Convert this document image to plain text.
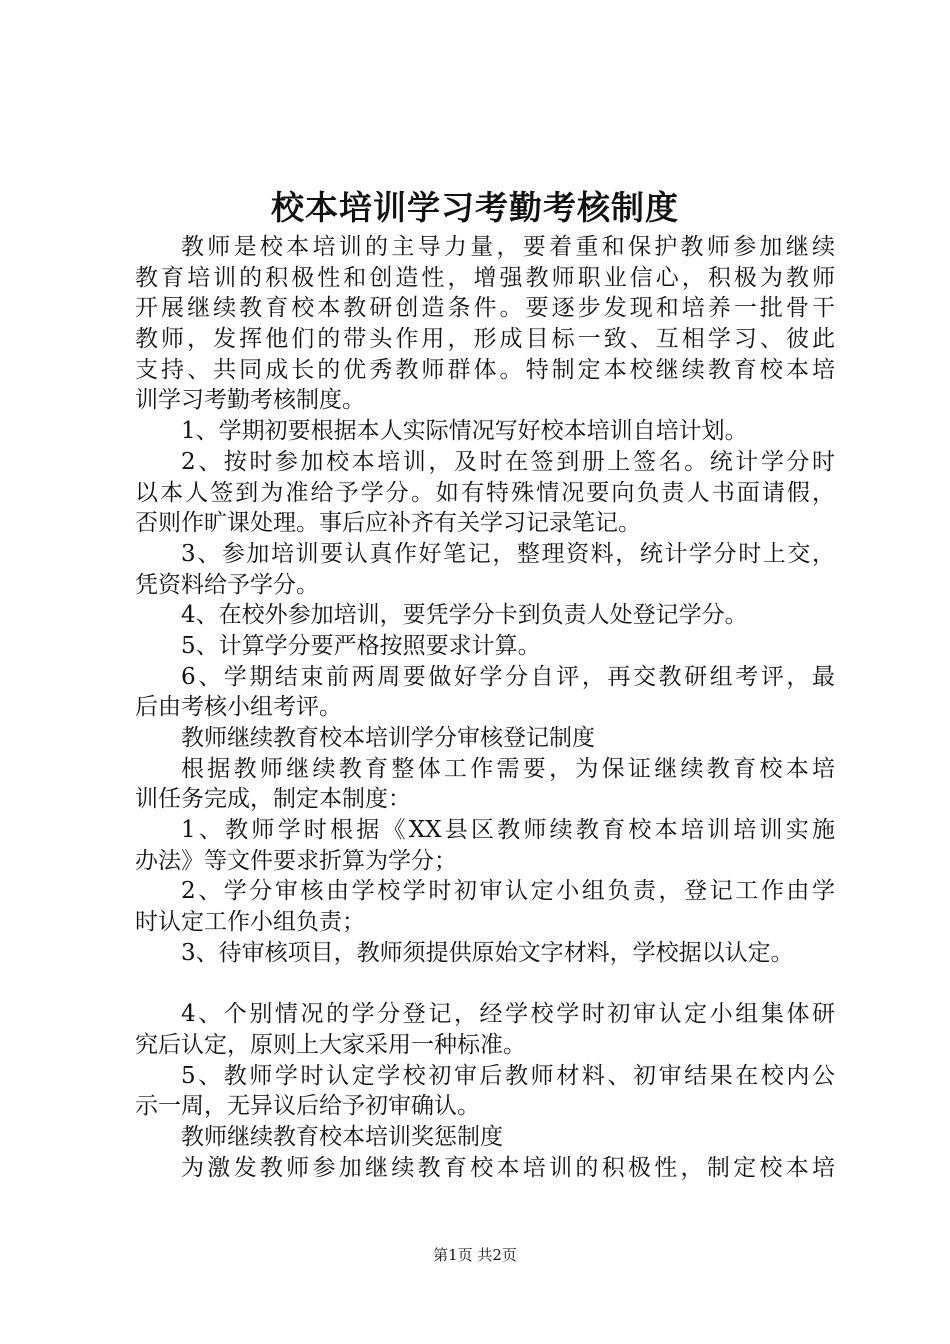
校本培训学习考勤考核制度
教师是校本培训的主导力量，要着重和保护教师参加继续
教育培训的积极性和创造性，增强教师职业信心，积极为教师
开展继续教育校本教研创造条件。要逐步发现和培养一批骨干
教师，发挥他们的带头作用，形成目标一致、互相学习、彼此
支持、共同成长的优秀教师群体。特制定本校继续教育校本培
训学习考勤考核制度。
1、学期初要根据本人实际情况写好校本培训自培计划。
2、按时参加校本培训，及时在签到册上签名。统计学分时
以本人签到为准给予学分。如有特殊情况要向负责人书面请假，
否则作旷课处理。事后应补齐有关学习记录笔记。
3、参加培训要认真作好笔记，整理资料，统计学分时上交，
凭资料给予学分。
4、在校外参加培训，要凭学分卡到负责人处登记学分。
5、计算学分要严格按照要求计算。
6、学期结束前两周要做好学分自评，再交教研组考评，最
后由考核小组考评。
教师继续教育校本培训学分审核登记制度
根据教师继续教育整体工作需要，为保证继续教育校本培
训任务完成，制定本制度：
1、教师学时根据《XX县区教师续教育校本培训培训实施
办法》等文件要求折算为学分；
2、学分审核由学校学时初审认定小组负责，登记工作由学
时认定工作小组负责；
3、待审核项目，教师须提供原始文字材料，学校据以认定。
4、个别情况的学分登记，经学校学时初审认定小组集体研
究后认定，原则上大家采用一种标准。
5、教师学时认定学校初审后教师材料、初审结果在校内公
示一周，无异议后给予初审确认。
教师继续教育校本培训奖惩制度
为激发教师参加继续教育校本培训的积极性，制定校本培
第1页 共2页
